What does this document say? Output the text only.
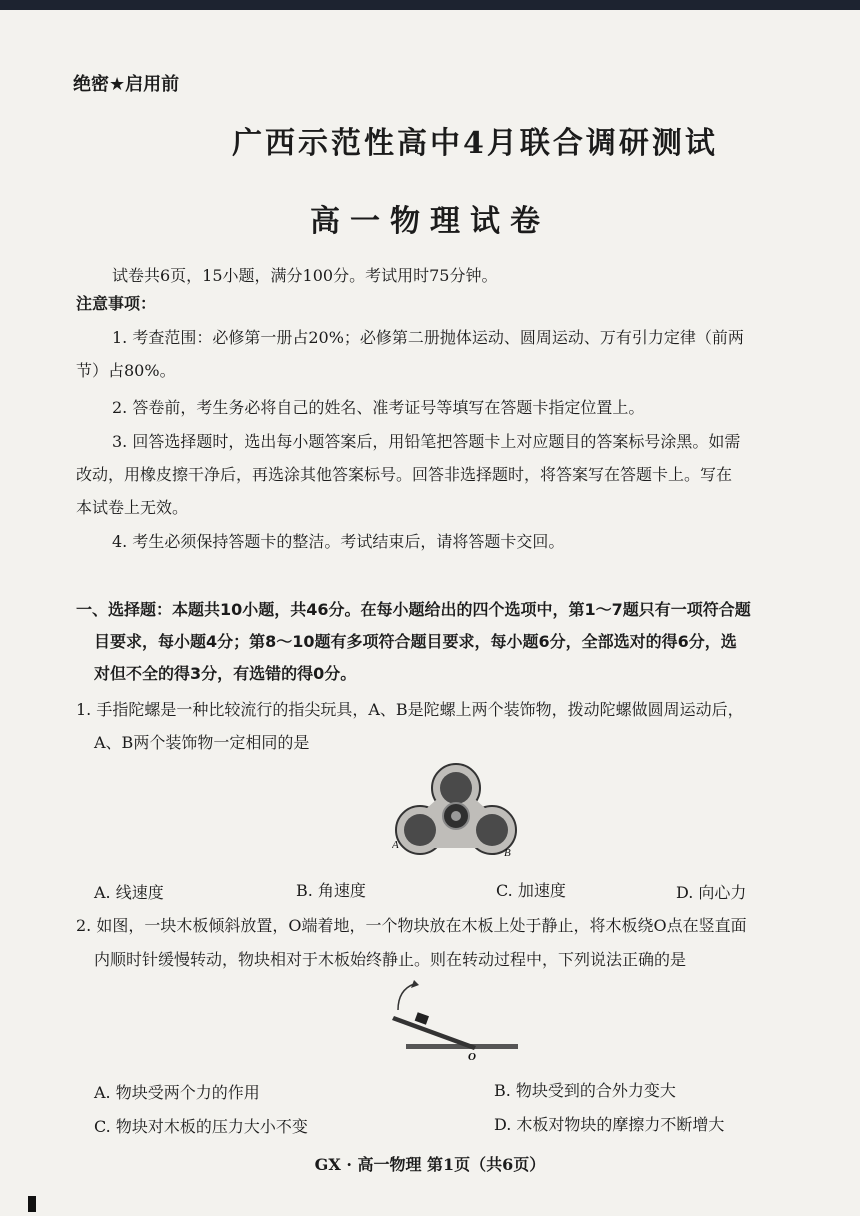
绝密★启用前
广西示范性高中4月联合调研测试
高一物理试卷
试卷共6页，15小题，满分100分。考试用时75分钟。
注意事项：
1. 考查范围：必修第一册占20%；必修第二册抛体运动、圆周运动、万有引力定律（前两
节）占80%。
2. 答卷前，考生务必将自己的姓名、准考证号等填写在答题卡指定位置上。
3. 回答选择题时，选出每小题答案后，用铅笔把答题卡上对应题目的答案标号涂黑。如需
改动，用橡皮擦干净后，再选涂其他答案标号。回答非选择题时，将答案写在答题卡上。写在
本试卷上无效。
4. 考生必须保持答题卡的整洁。考试结束后，请将答题卡交回。
一、选择题：本题共10小题，共46分。在每小题给出的四个选项中，第1～7题只有一项符合题
目要求，每小题4分；第8～10题有多项符合题目要求，每小题6分，全部选对的得6分，选
对但不全的得3分，有选错的得0分。
1. 手指陀螺是一种比较流行的指尖玩具，A、B是陀螺上两个装饰物，拨动陀螺做圆周运动后，
A、B两个装饰物一定相同的是
A
B
A. 线速度	B. 角速度	C. 加速度	D. 向心力
2. 如图，一块木板倾斜放置，O端着地，一个物块放在木板上处于静止，将木板绕O点在竖直面
内顺时针缓慢转动，物块相对于木板始终静止。则在转动过程中，下列说法正确的是
O
A. 物块受两个力的作用	B. 物块受到的合外力变大
C. 物块对木板的压力大小不变	D. 木板对物块的摩擦力不断增大
GX · 高一物理 第1页（共6页）
